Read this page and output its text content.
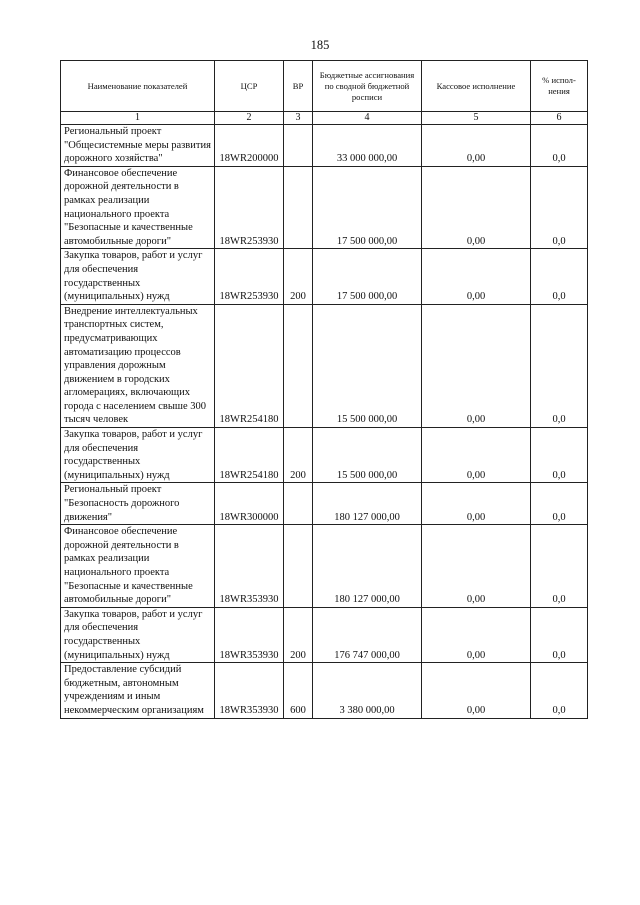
185
Наименование показателей	ЦСР	ВР	Бюджетные ассигнования по сводной бюджетной росписи	Кассовое исполнение	% испол-нения
1	2	3	4	5	6
Региональный проект "Общесистемные меры развития дорожного хозяйства"	18WR200000		33 000 000,00	0,00	0,0
Финансовое обеспечение дорожной деятельности в рамках реализации национального проекта "Безопасные и качественные автомобильные дороги"	18WR253930		17 500 000,00	0,00	0,0
Закупка товаров, работ и услуг для обеспечения государственных (муниципальных) нужд	18WR253930	200	17 500 000,00	0,00	0,0
Внедрение интеллектуальных транспортных систем, предусматривающих автоматизацию процессов управления дорожным движением в городских агломерациях, включающих города с населением свыше 300 тысяч человек	18WR254180		15 500 000,00	0,00	0,0
Закупка товаров, работ и услуг для обеспечения государственных (муниципальных) нужд	18WR254180	200	15 500 000,00	0,00	0,0
Региональный проект "Безопасность дорожного движения"	18WR300000		180 127 000,00	0,00	0,0
Финансовое обеспечение дорожной деятельности в рамках реализации национального проекта "Безопасные и качественные автомобильные дороги"	18WR353930		180 127 000,00	0,00	0,0
Закупка товаров, работ и услуг для обеспечения государственных (муниципальных) нужд	18WR353930	200	176 747 000,00	0,00	0,0
Предоставление субсидий бюджетным, автономным учреждениям и иным некоммерческим организациям	18WR353930	600	3 380 000,00	0,00	0,0
